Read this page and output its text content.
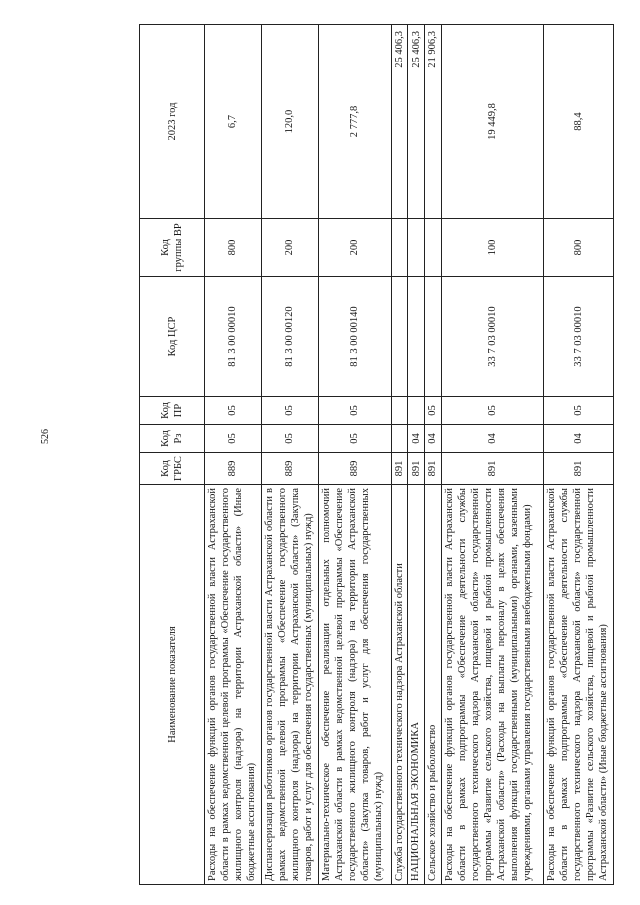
526
Наименование показателя	Код ГРБС	Код Рз	Код ПР	Код ЦСР	Код группы ВР	2023 год
Расходы на обеспечение функций органов государственной власти Астраханской области в рамках ведомственной целевой программы «Обеспечение государственного жилищного контроля (надзора) на территории Астраханской области» (Иные бюджетные ассигнования)	889	05	05	81 3 00 00010	800	6,7
Диспансеризация работников органов государственной власти Астраханской области в рамках ведомственной целевой программы «Обеспечение государственного жилищного контроля (надзора) на территории Астраханской области» (Закупка товаров, работ и услуг для обеспечения государственных (муниципальных) нужд)	889	05	05	81 3 00 00120	200	120,0
Материально-техническое обеспечение реализации отдельных полномочий Астраханской области в рамках ведомственной целевой программы «Обеспечение государственного жилищного контроля (надзора) на территории Астраханской области» (Закупка товаров, работ и услуг для обеспечения государственных (муниципальных) нужд)	889	05	05	81 3 00 00140	200	2 777,8
Служба государственного технического надзора Астраханской области	891					25 406,3
НАЦИОНАЛЬНАЯ ЭКОНОМИКА	891	04				25 406,3
Сельское хозяйство и рыболовство	891	04	05			21 906,3
Расходы на обеспечение функций органов государственной власти Астраханской области в рамках подпрограммы «Обеспечение деятельности службы государственного технического надзора Астраханской области» государственной программы «Развитие сельского хозяйства, пищевой и рыбной промышленности Астраханской области» (Расходы на выплаты персоналу в целях обеспечения выполнения функций государственными (муниципальными) органами, казенными учреждениями, органами управления государственными внебюджетными фондами)	891	04	05	33 7 03 00010	100	19 449,8
Расходы на обеспечение функций органов государственной власти Астраханской области в рамках подпрограммы «Обеспечение деятельности службы государственного технического надзора Астраханской области» государственной программы «Развитие сельского хозяйства, пищевой и рыбной промышленности Астраханской области» (Иные бюджетные ассигнования)	891	04	05	33 7 03 00010	800	88,4
